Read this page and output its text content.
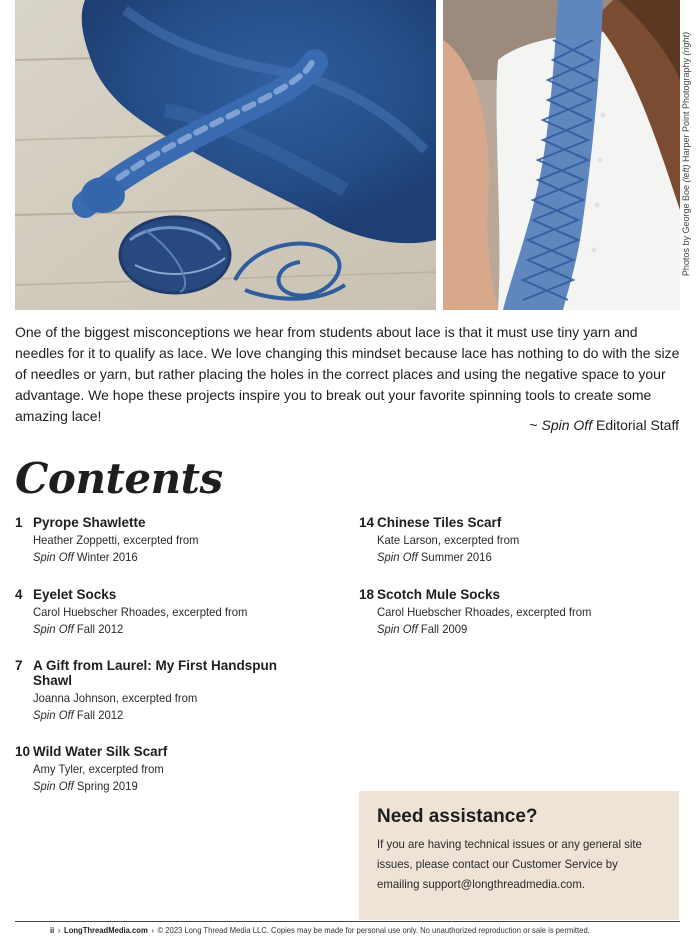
Photos by George Boe (left) Harper Point Photography (right)

One of the biggest misconceptions we hear from students about lace is that it must use tiny yarn and needles for it to qualify as lace. We love changing this mindset because lace has nothing to do with the size of needles or yarn, but rather placing the holes in the correct places and using the negative space to your advantage. We hope these projects inspire you to break out your favorite spinning tools to create some amazing lace!

~ Spin Off Editorial Staff
Contents
1 Pyrope Shawlette
Heather Zoppetti, excerpted from
Spin Off Winter 2016
4 Eyelet Socks
Carol Huebscher Rhoades, excerpted from
Spin Off Fall 2012
7 A Gift from Laurel: My First Handspun Shawl
Joanna Johnson, excerpted from
Spin Off Fall 2012
10 Wild Water Silk Scarf
Amy Tyler, excerpted from
Spin Off Spring 2019
14 Chinese Tiles Scarf
Kate Larson, excerpted from
Spin Off Summer 2016
18 Scotch Mule Socks
Carol Huebscher Rhoades, excerpted from
Spin Off Fall 2009
Need assistance?

If you are having technical issues or any general site issues, please contact our Customer Service by emailing support@longthreadmedia.com.

ii › LongThreadMedia.com › © 2023 Long Thread Media LLC. Copies may be made for personal use only. No unauthorized reproduction or sale is permitted.
